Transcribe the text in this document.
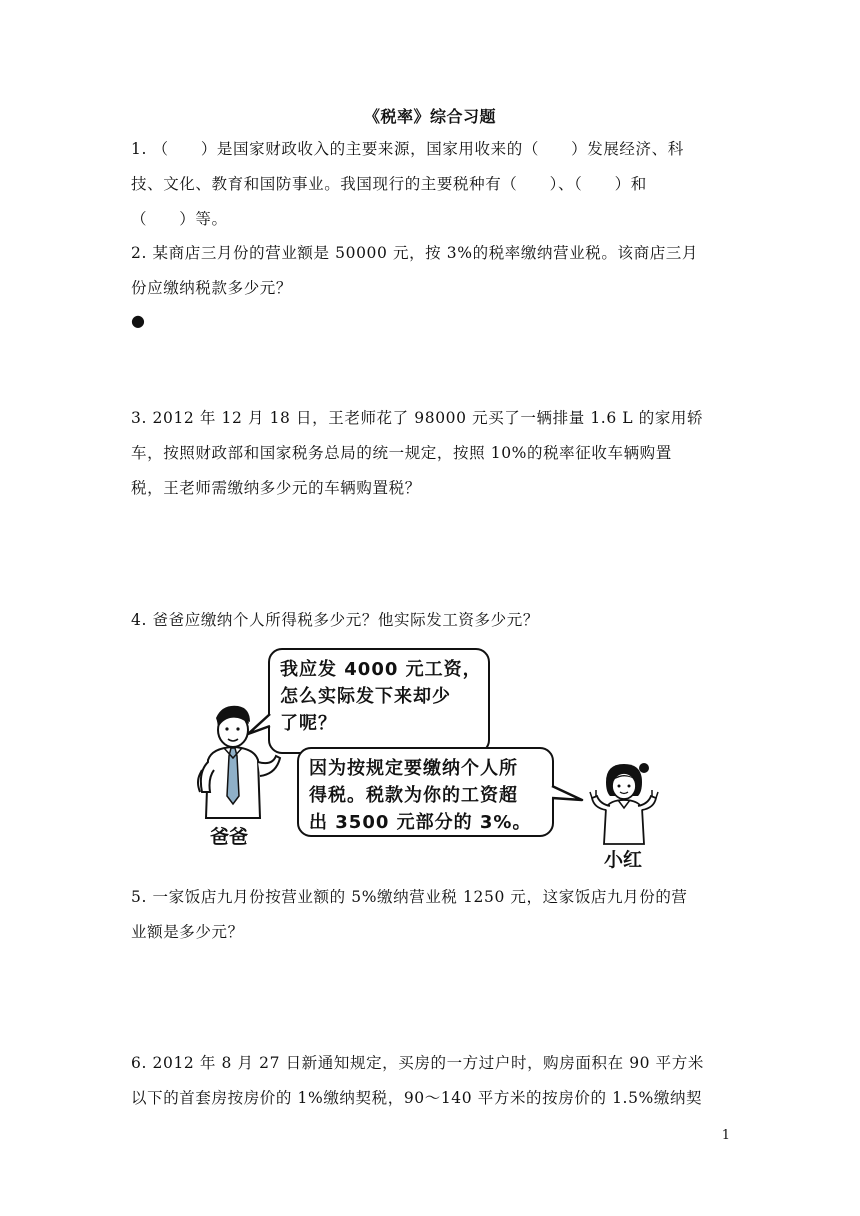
《税率》综合习题
1. （　　）是国家财政收入的主要来源，国家用收来的（　　）发展经济、科
技、文化、教育和国防事业。我国现行的主要税种有（　　）、（　　）和
（　　）等。
2. 某商店三月份的营业额是 50000 元，按 3%的税率缴纳营业税。该商店三月
份应缴纳税款多少元？
●
3. 2012 年 12 月 18 日，王老师花了 98000 元买了一辆排量 1.6 L 的家用轿
车，按照财政部和国家税务总局的统一规定，按照 10%的税率征收车辆购置
税，王老师需缴纳多少元的车辆购置税？
4. 爸爸应缴纳个人所得税多少元？他实际发工资多少元？
爸爸
我应发 4000 元工资，
怎么实际发下来却少
了呢？
因为按规定要缴纳个人所
得税。税款为你的工资超
出 3500 元部分的 3%。
小红
5. 一家饭店九月份按营业额的 5%缴纳营业税 1250 元，这家饭店九月份的营
业额是多少元？
6. 2012 年 8 月 27 日新通知规定，买房的一方过户时，购房面积在 90 平方米
以下的首套房按房价的 1%缴纳契税，90～140 平方米的按房价的 1.5%缴纳契
1
